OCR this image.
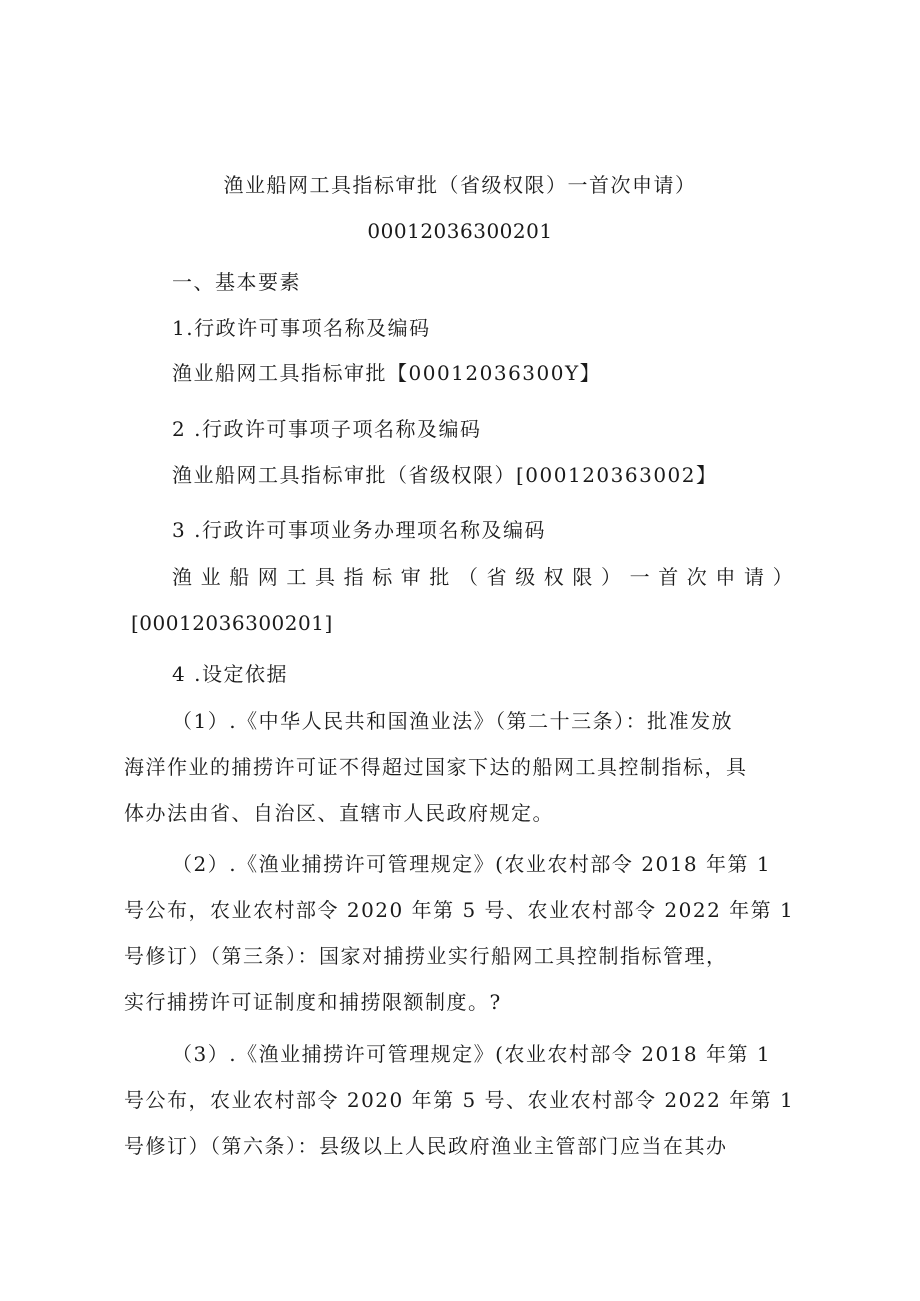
渔业船网工具指标审批（省级权限）一首次申请）
00012036300201
一、基本要素
1.行政许可事项名称及编码
渔业船网工具指标审批【00012036300Y】
2 .行政许可事项子项名称及编码
渔业船网工具指标审批（省级权限）[000120363002】
3 .行政许可事项业务办理项名称及编码
渔业船网工具指标审批（省级权限）一首次申请）
[00012036300201]
4 .设定依据
（1）.《中华人民共和国渔业法》（第二十三条）：批准发放
海洋作业的捕捞许可证不得超过国家下达的船网工具控制指标，具
体办法由省、自治区、直辖市人民政府规定。
（2）.《渔业捕捞许可管理规定》(农业农村部令 2018 年第 1
号公布，农业农村部令 2020 年第 5 号、农业农村部令 2022 年第 1
号修订）（第三条）：国家对捕捞业实行船网工具控制指标管理，
实行捕捞许可证制度和捕捞限额制度。?
（3）.《渔业捕捞许可管理规定》(农业农村部令 2018 年第 1
号公布，农业农村部令 2020 年第 5 号、农业农村部令 2022 年第 1
号修订）（第六条）：县级以上人民政府渔业主管部门应当在其办
